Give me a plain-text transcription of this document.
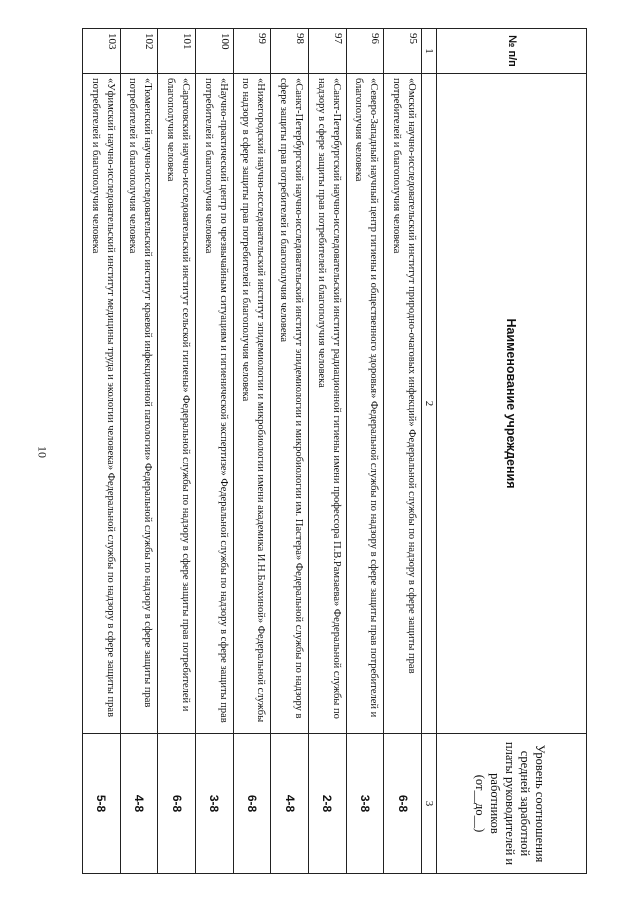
10
№ п/п	Наименование учреждения	Уровень соотношения
средней заработной
платы руководителей и
работников
(от__до__)

1	2	3
95	«Омский научно-исследовательский институт природно-очаговых инфекций» Федеральной службы по надзору в сфере защиты прав потребителей и благополучия человека	6-8
96	«Северо-Западный научный центр гигиены и общественного здоровья» Федеральной службы по надзору в сфере защиты прав потребителей и благополучия человека	3-8
97	«Санкт-Петербургский научно-исследовательский институт радиационной гигиены имени профессора П.В.Рамзаева» Федеральной службы по надзору в сфере защиты прав потребителей и благополучия человека	2-8
98	«Санкт-Петербургский научно-исследовательский институт эпидемиологии и микробиологии им. Пастера» Федеральной службы по надзору в сфере защиты прав потребителей и благополучия человека	4-8
99	«Нижегородский научно-исследовательский институт эпидемиологии и микробиологии имени академика И.Н.Блохиной» Федеральной службы по надзору в сфере защиты прав потребителей и благополучия человека	6-8
100	«Научно-практический центр по чрезвычайным ситуациям и гигиенической экспертизе» Федеральной службы по надзору в сфере защиты прав потребителей и благополучия человека	3-8
101	«Саратовский научно-исследовательский институт сельской гигиены» Федеральной службы по надзору в сфере защиты прав потребителей и благополучия человека	6-8
102	«Тюменский научно-исследовательский институт краевой инфекционной патологии» Федеральной службы по надзору в сфере защиты прав потребителей и благополучия человека	4-8
103	«Уфимский научно-исследовательский институт медицины труда и экологии человека» Федеральной службы по надзору в сфере защиты прав потребителей и благополучия человека	5-8
